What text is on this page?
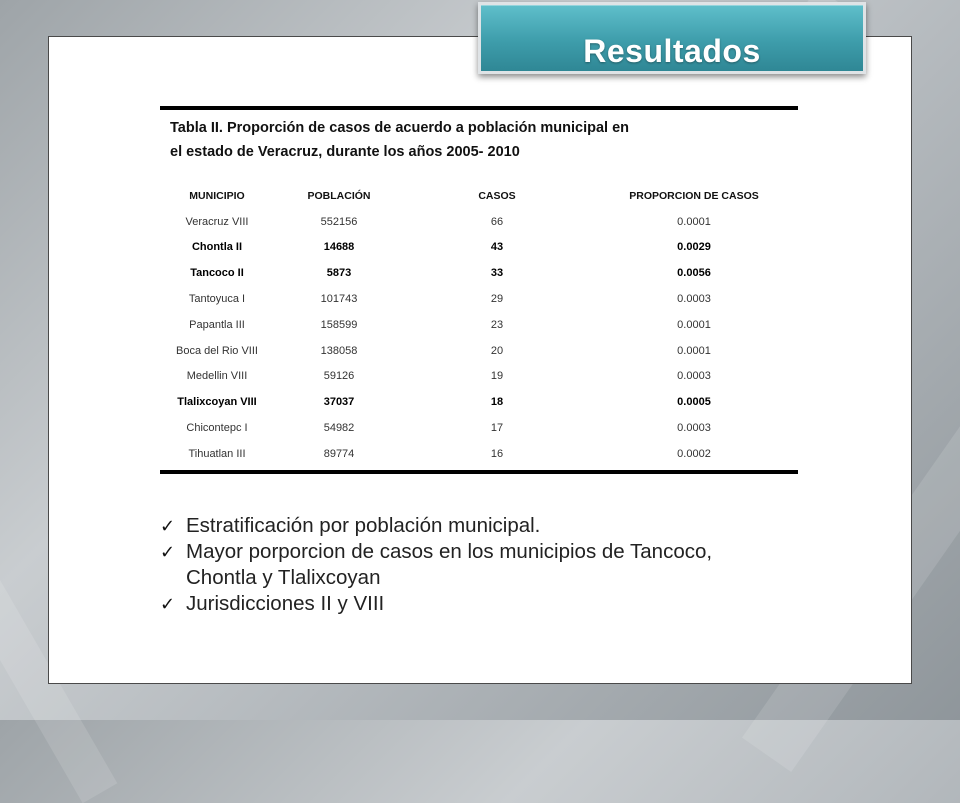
Resultados
Tabla II. Proporción de casos de acuerdo a población municipal en el estado de Veracruz, durante los años 2005- 2010
MUNICIPIO	POBLACIÓN	CASOS	PROPORCION DE CASOS
Veracruz VIII	552156	66	0.0001
Chontla II	14688	43	0.0029
Tancoco II	5873	33	0.0056
Tantoyuca I	101743	29	0.0003
Papantla III	158599	23	0.0001
Boca del Rio VIII	138058	20	0.0001
Medellin VIII	59126	19	0.0003
Tlalixcoyan VIII	37037	18	0.0005
Chicontepc I	54982	17	0.0003
Tihuatlan III	89774	16	0.0002
✓ Estratificación por población municipal.
✓ Mayor porporcion de casos en los municipios de Tancoco, Chontla y Tlalixcoyan
✓ Jurisdicciones II y VIII
